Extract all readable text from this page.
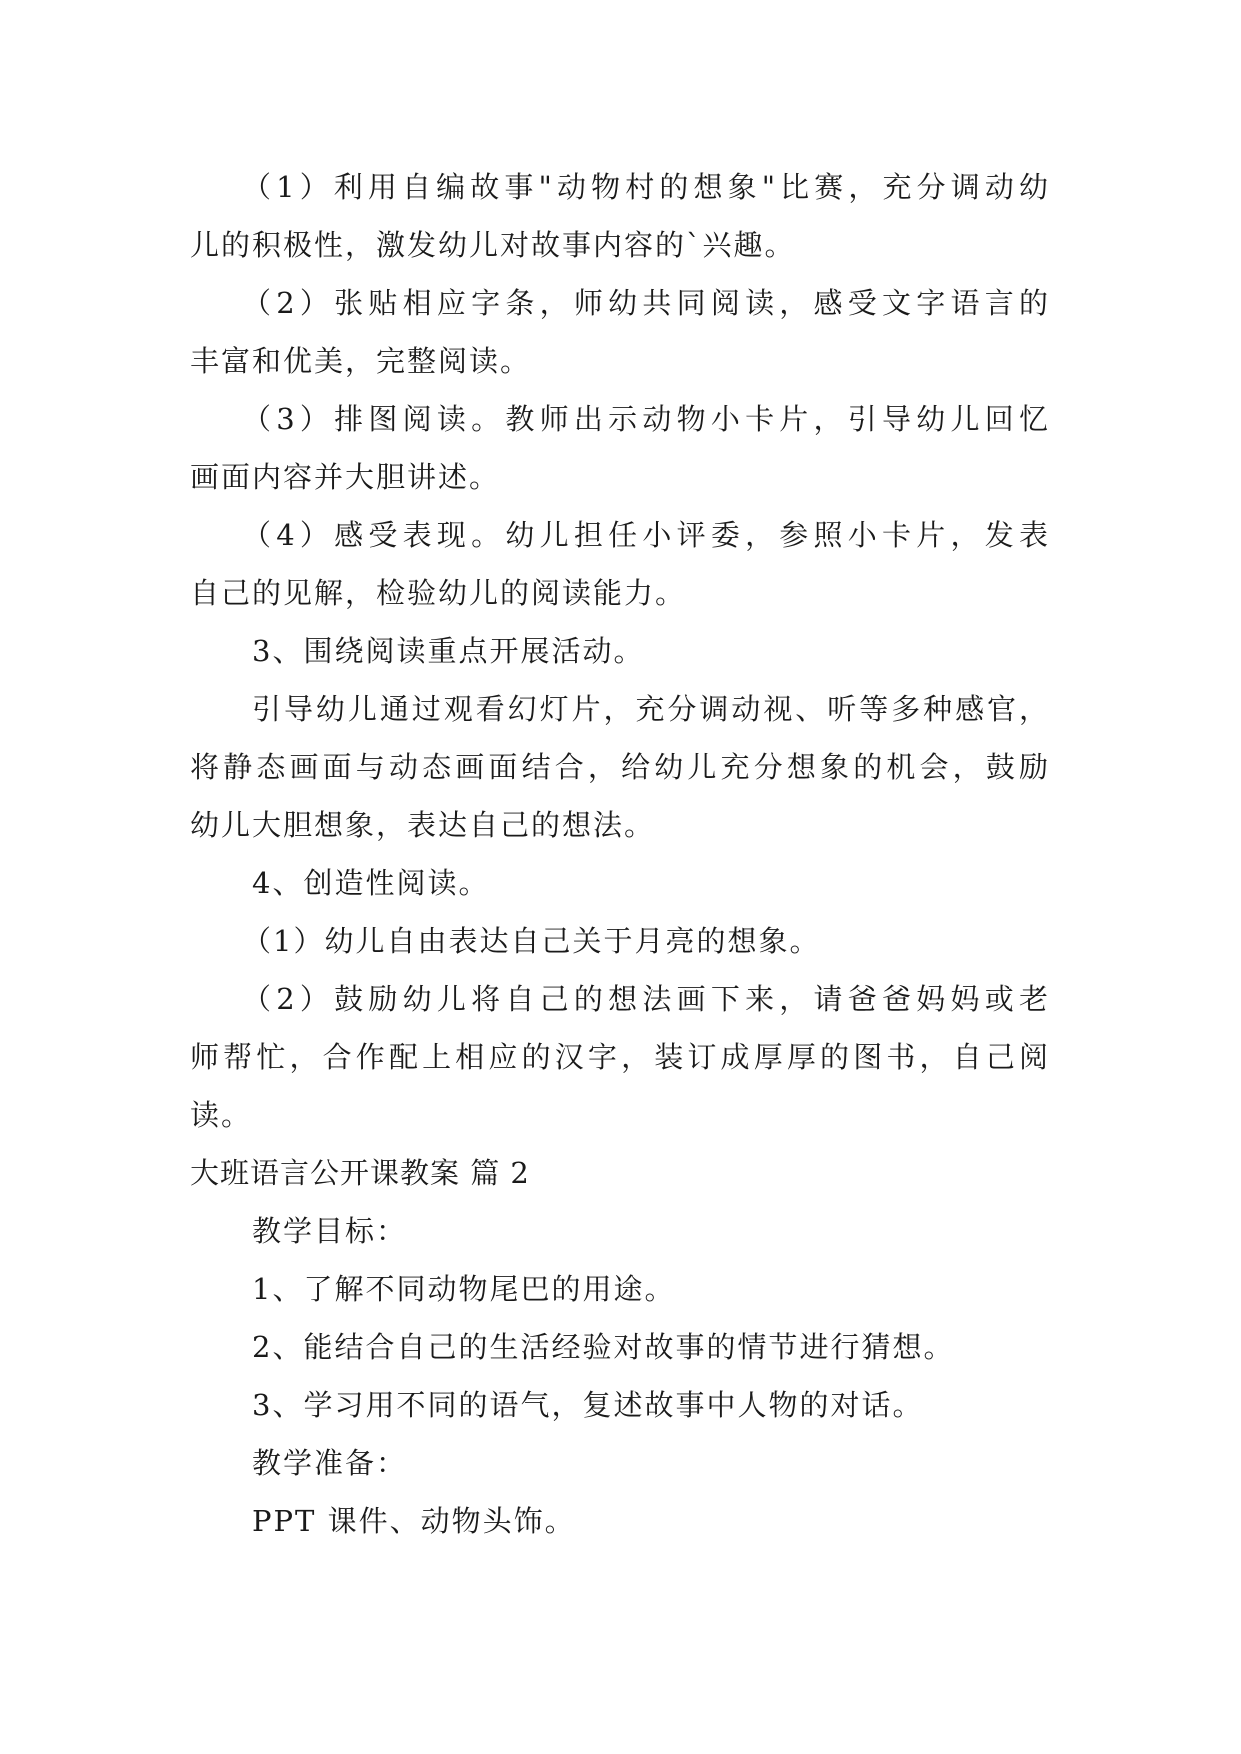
（1）利用自编故事"动物村的想象"比赛，充分调动幼
儿的积极性，激发幼儿对故事内容的`兴趣。
（2）张贴相应字条，师幼共同阅读，感受文字语言的
丰富和优美，完整阅读。
（3）排图阅读。教师出示动物小卡片，引导幼儿回忆
画面内容并大胆讲述。
（4）感受表现。幼儿担任小评委，参照小卡片，发表
自己的见解，检验幼儿的阅读能力。
3、围绕阅读重点开展活动。
引导幼儿通过观看幻灯片，充分调动视、听等多种感官，
将静态画面与动态画面结合，给幼儿充分想象的机会，鼓励
幼儿大胆想象，表达自己的想法。
4、创造性阅读。
（1）幼儿自由表达自己关于月亮的想象。
（2）鼓励幼儿将自己的想法画下来，请爸爸妈妈或老
师帮忙，合作配上相应的汉字，装订成厚厚的图书，自己阅
读。
大班语言公开课教案 篇 2
教学目标：
1、了解不同动物尾巴的用途。
2、能结合自己的生活经验对故事的情节进行猜想。
3、学习用不同的语气，复述故事中人物的对话。
教学准备：
PPT 课件、动物头饰。
